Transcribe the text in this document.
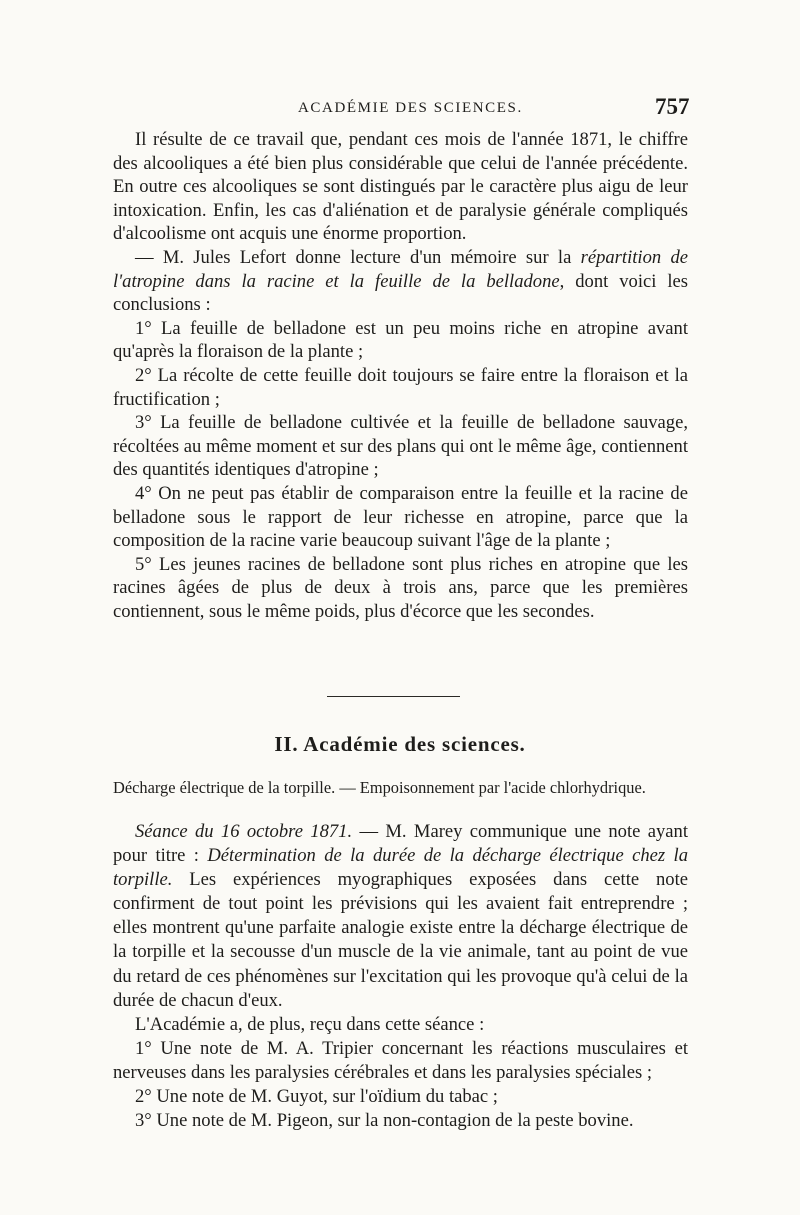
ACADÉMIE DES SCIENCES.	757

Il résulte de ce travail que, pendant ces mois de l'année 1871, le chiffre des alcooliques a été bien plus considérable que celui de l'année précédente. En outre ces alcooliques se sont distingués par le caractère plus aigu de leur intoxication. Enfin, les cas d'aliénation et de paralysie générale compliqués d'alcoolisme ont acquis une énorme proportion.

— M. Jules Lefort donne lecture d'un mémoire sur la répartition de l'atropine dans la racine et la feuille de la belladone, dont voici les conclusions :

1° La feuille de belladone est un peu moins riche en atropine avant qu'après la floraison de la plante ;

2° La récolte de cette feuille doit toujours se faire entre la floraison et la fructification ;

3° La feuille de belladone cultivée et la feuille de belladone sauvage, récoltées au même moment et sur des plans qui ont le même âge, contiennent des quantités identiques d'atropine ;

4° On ne peut pas établir de comparaison entre la feuille et la racine de belladone sous le rapport de leur richesse en atropine, parce que la composition de la racine varie beaucoup suivant l'âge de la plante ;

5° Les jeunes racines de belladone sont plus riches en atropine que les racines âgées de plus de deux à trois ans, parce que les premières contiennent, sous le même poids, plus d'écorce que les secondes.

II. Académie des sciences.
Décharge électrique de la torpille. — Empoisonnement par l'acide chlorhydrique.

Séance du 16 octobre 1871. — M. Marey communique une note ayant pour titre : Détermination de la durée de la décharge électrique chez la torpille. Les expériences myographiques exposées dans cette note confirment de tout point les prévisions qui les avaient fait entreprendre ; elles montrent qu'une parfaite analogie existe entre la décharge électrique de la torpille et la secousse d'un muscle de la vie animale, tant au point de vue du retard de ces phénomènes sur l'excitation qui les provoque qu'à celui de la durée de chacun d'eux.

L'Académie a, de plus, reçu dans cette séance :

1° Une note de M. A. Tripier concernant les réactions musculaires et nerveuses dans les paralysies cérébrales et dans les paralysies spéciales ;

2° Une note de M. Guyot, sur l'oïdium du tabac ;

3° Une note de M. Pigeon, sur la non-contagion de la peste bovine.
